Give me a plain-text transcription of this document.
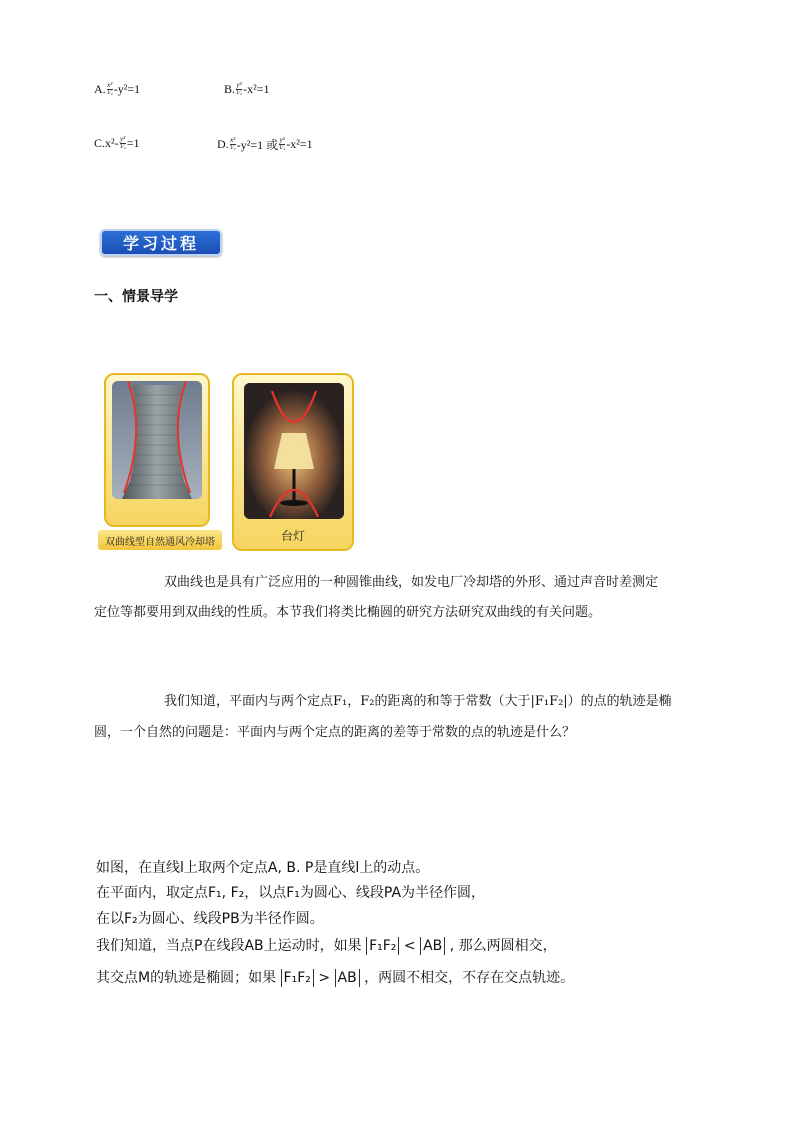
A. $\frac{\text{x²}}{\text{1⁄₂}} -y^2=1$	B. $\frac{\text{y²}}{\text{1⁄₂}} -x^2=1$
C. $x^2- \frac{\text{y²}}{\text{1⁄₂}} =1$	D. $\frac{\text{x²}}{\text{1⁄₂}} -y^2=1$ 或 $\frac{\text{y²}}{\text{1⁄₂}} -x^2=1$
学习过程
一、情景导学
双曲线型自然通风冷却塔	台灯
双曲线也是具有广泛应用的一种圆锥曲线，如发电厂冷却塔的外形、通过声音时差测定
定位等都要用到双曲线的性质。本节我们将类比椭圆的研究方法研究双曲线的有关问题。
我们知道，平面内与两个定点F₁，F₂的距离的和等于常数（大于|F₁F₂|）的点的轨迹是椭
圆，一个自然的问题是：平面内与两个定点的距离的差等于常数的点的轨迹是什么？
如图，在直线l上取两个定点A, B. P是直线l上的动点。
在平面内，取定点F₁, F₂，以点F₁为圆心、线段PA为半径作圆，
在以F₂为圆心、线段PB为半径作圆。
我们知道，当点P在线段AB上运动时，如果 F₁F₂ < AB , 那么两圆相交，
其交点M的轨迹是椭圆；如果 F₁F₂ > AB ，两圆不相交，不存在交点轨迹。
